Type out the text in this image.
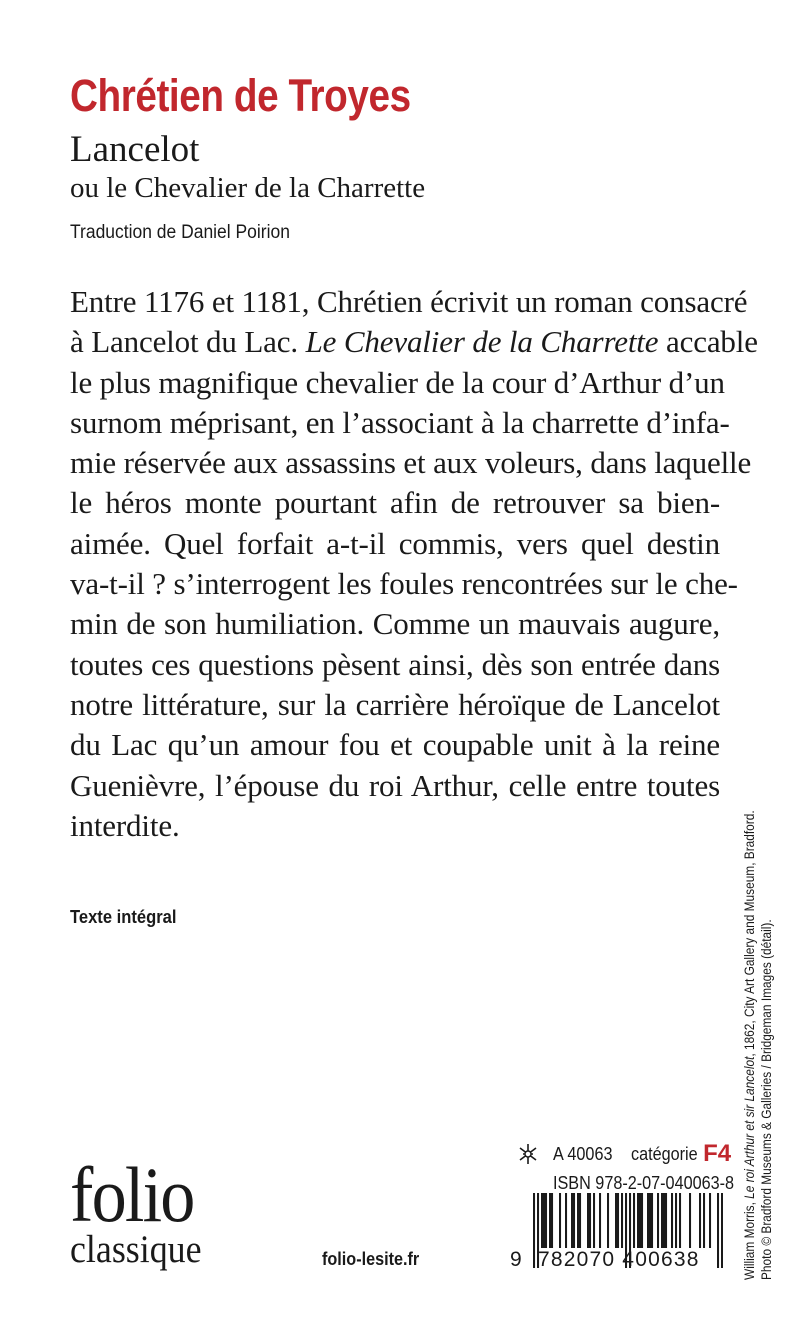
Chrétien de Troyes
Lancelot
ou le Chevalier de la Charrette
Traduction de Daniel Poirion
Entre 1176 et 1181, Chrétien écrivit un roman consacré
à Lancelot du Lac. Le Chevalier de la Charrette accable
le plus magnifique chevalier de la cour d’Arthur d’un
surnom méprisant, en l’associant à la charrette d’infa-
mie réservée aux assassins et aux voleurs, dans laquelle
le héros monte pourtant afin de retrouver sa bien-
aimée. Quel forfait a-t-il commis, vers quel destin
va-t-il ? s’interrogent les foules rencontrées sur le che-
min de son humiliation. Comme un mauvais augure,
toutes ces questions pèsent ainsi, dès son entrée dans
notre littérature, sur la carrière héroïque de Lancelot
du Lac qu’un amour fou et coupable unit à la reine
Guenièvre, l’épouse du roi Arthur, celle entre toutes
interdite.
Texte intégral
William Morris, Le roi Arthur et sir Lancelot, 1862, City Art Gallery and Museum, Bradford. Photo © Bradford Museums & Galleries / Bridgeman Images (détail).
folio
classique	folio-lesite.fr
A 40063 catégorie F4
ISBN 978-2-07-040063-8
9 782070 400638
